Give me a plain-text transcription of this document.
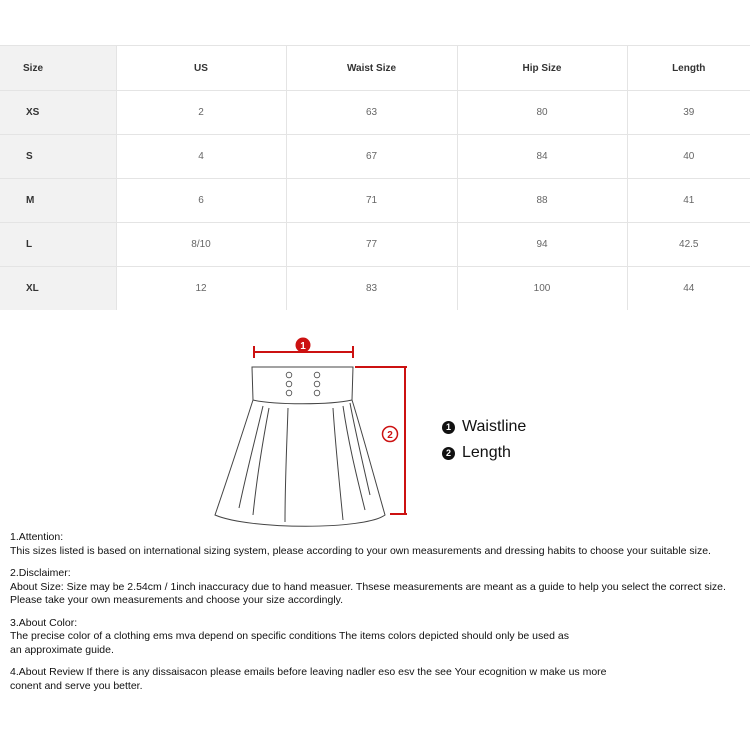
Size	US	Waist Size	Hip Size	Length
XS	2	63	80	39
S	4	67	84	40
M	6	71	88	41
L	8/10	77	94	42.5
XL	12	83	100	44
1
2
1 Waistline
2 Length

1.Attention:

This sizes listed is based on international sizing system, please according to your own measurements and dressing habits to choose your suitable size.

2.Disclaimer:

About Size: Size may be 2.54cm / 1inch inaccuracy due to hand measuer. Thsese measurements are meant as a guide to help you select the correct size.

Please take your own measurements and choose your size accordingly.

3.About Color:

The precise color of a clothing ems mva depend on specific conditions The items colors depicted should only be used as

an approximate guide.

4.About Review If there is any dissaisacon please emails before leaving nadler eso esv the see Your ecognition w make us more

conent and serve you better.
